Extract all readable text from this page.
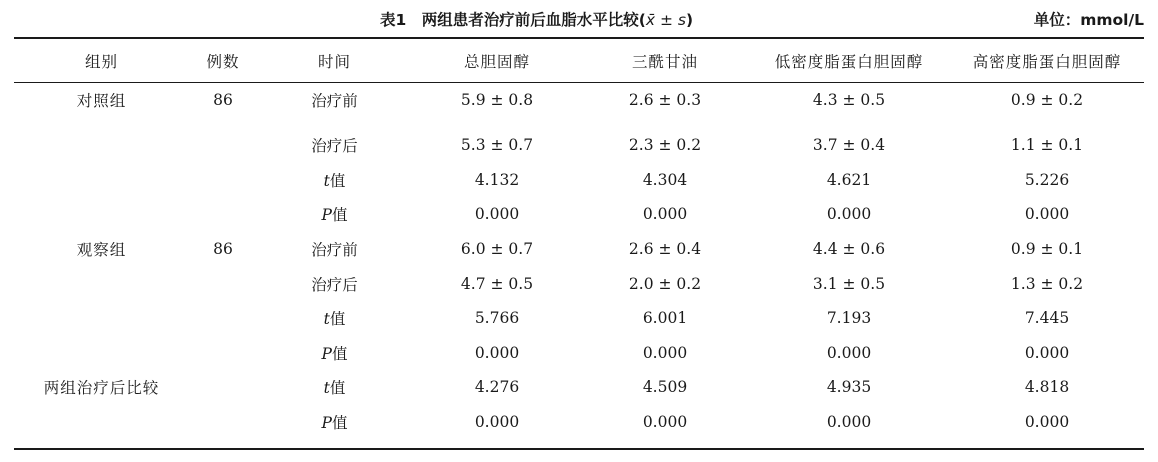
表1　两组患者治疗前后血脂水平比较(x̄ ± s)	单位：mmol/L
组别	例数	时间	总胆固醇	三酰甘油	低密度脂蛋白胆固醇	高密度脂蛋白胆固醇
对照组	86	治疗前	5.9 ± 0.8	2.6 ± 0.3	4.3 ± 0.5	0.9 ± 0.2
		治疗后	5.3 ± 0.7	2.3 ± 0.2	3.7 ± 0.4	1.1 ± 0.1
		t值	4.132	4.304	4.621	5.226
		P值	0.000	0.000	0.000	0.000
观察组	86	治疗前	6.0 ± 0.7	2.6 ± 0.4	4.4 ± 0.6	0.9 ± 0.1
		治疗后	4.7 ± 0.5	2.0 ± 0.2	3.1 ± 0.5	1.3 ± 0.2
		t值	5.766	6.001	7.193	7.445
		P值	0.000	0.000	0.000	0.000
两组治疗后比较		t值	4.276	4.509	4.935	4.818
		P值	0.000	0.000	0.000	0.000
